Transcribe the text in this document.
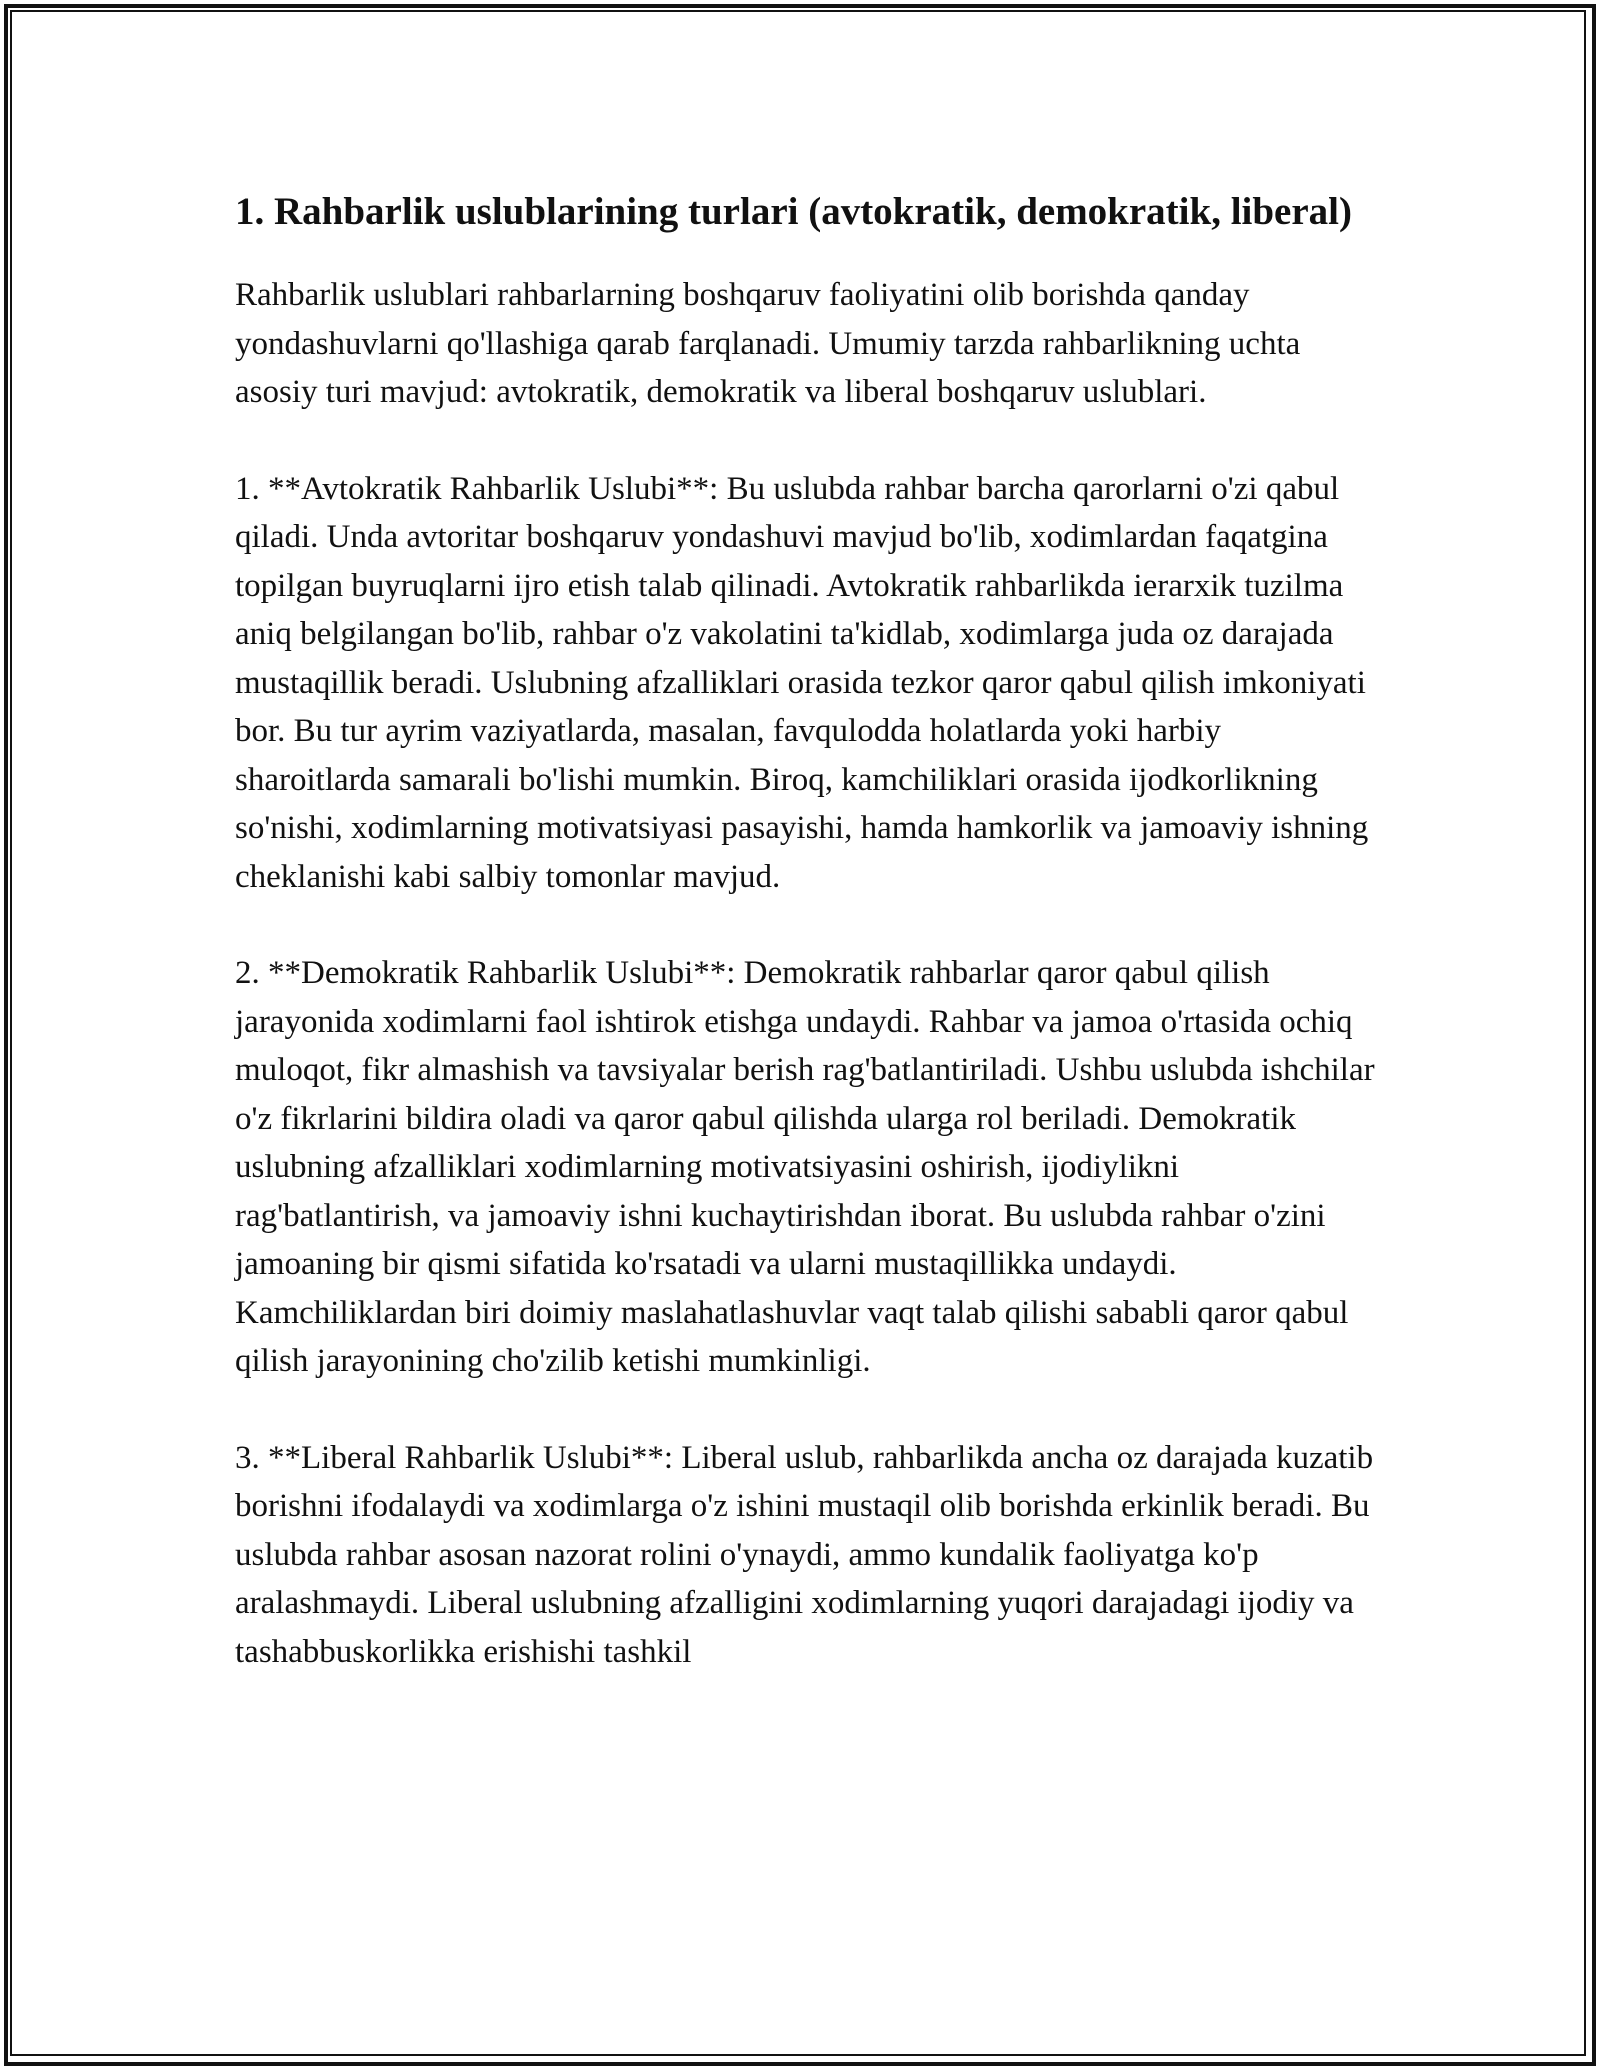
1. Rahbarlik uslublarining turlari (avtokratik, demokratik, liberal)

Rahbarlik uslublari rahbarlarning boshqaruv faoliyatini olib borishda qanday yondashuvlarni qo'llashiga qarab farqlanadi. Umumiy tarzda rahbarlikning uchta asosiy turi mavjud: avtokratik, demokratik va liberal boshqaruv uslublari.

1. **Avtokratik Rahbarlik Uslubi**: Bu uslubda rahbar barcha qarorlarni o'zi qabul qiladi. Unda avtoritar boshqaruv yondashuvi mavjud bo'lib, xodimlardan faqatgina topilgan buyruqlarni ijro etish talab qilinadi. Avtokratik rahbarlikda ierarxik tuzilma aniq belgilangan bo'lib, rahbar o'z vakolatini ta'kidlab, xodimlarga juda oz darajada mustaqillik beradi. Uslubning afzalliklari orasida tezkor qaror qabul qilish imkoniyati bor. Bu tur ayrim vaziyatlarda, masalan, favqulodda holatlarda yoki harbiy sharoitlarda samarali bo'lishi mumkin. Biroq, kamchiliklari orasida ijodkorlikning so'nishi, xodimlarning motivatsiyasi pasayishi, hamda hamkorlik va jamoaviy ishning cheklanishi kabi salbiy tomonlar mavjud.

2. **Demokratik Rahbarlik Uslubi**: Demokratik rahbarlar qaror qabul qilish jarayonida xodimlarni faol ishtirok etishga undaydi. Rahbar va jamoa o'rtasida ochiq muloqot, fikr almashish va tavsiyalar berish rag'batlantiriladi. Ushbu uslubda ishchilar o'z fikrlarini bildira oladi va qaror qabul qilishda ularga rol beriladi. Demokratik uslubning afzalliklari xodimlarning motivatsiyasini oshirish, ijodiylikni rag'batlantirish, va jamoaviy ishni kuchaytirishdan iborat. Bu uslubda rahbar o'zini jamoaning bir qismi sifatida ko'rsatadi va ularni mustaqillikka undaydi. Kamchiliklardan biri doimiy maslahatlashuvlar vaqt talab qilishi sababli qaror qabul qilish jarayonining cho'zilib ketishi mumkinligi.

3. **Liberal Rahbarlik Uslubi**: Liberal uslub, rahbarlikda ancha oz darajada kuzatib borishni ifodalaydi va xodimlarga o'z ishini mustaqil olib borishda erkinlik beradi. Bu uslubda rahbar asosan nazorat rolini o'ynaydi, ammo kundalik faoliyatga ko'p aralashmaydi. Liberal uslubning afzalligini xodimlarning yuqori darajadagi ijodiy va tashabbuskorlikka erishishi tashkil
